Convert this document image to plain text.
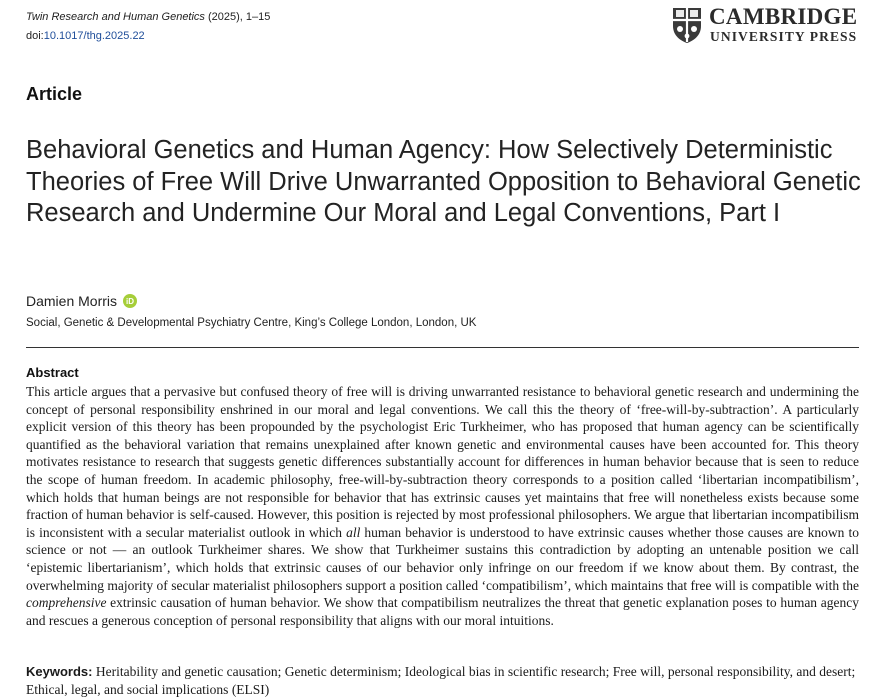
Twin Research and Human Genetics (2025), 1–15
doi:10.1017/thg.2025.22
CAMBRIDGE
UNIVERSITY PRESS
Article
Behavioral Genetics and Human Agency: How Selectively Deterministic Theories of Free Will Drive Unwarranted Opposition to Behavioral Genetic Research and Undermine Our Moral and Legal Conventions, Part I
Damien Morris	iD
Social, Genetic & Developmental Psychiatry Centre, King’s College London, London, UK
Abstract

This article argues that a pervasive but confused theory of free will is driving unwarranted resistance to behavioral genetic research and undermining the concept of personal responsibility enshrined in our moral and legal conventions. We call this the theory of ‘free-will-by-subtraction’. A particularly explicit version of this theory has been propounded by the psychologist Eric Turkheimer, who has proposed that human agency can be scientifically quantified as the behavioral variation that remains unexplained after known genetic and environmental causes have been accounted for. This theory motivates resistance to research that suggests genetic differences substantially account for differences in human behavior because that is seen to reduce the scope of human freedom. In academic philosophy, free-will-by-subtraction theory corresponds to a position called ‘libertarian incompatibilism’, which holds that human beings are not responsible for behavior that has extrinsic causes yet maintains that free will nonetheless exists because some fraction of human behavior is self-caused. However, this position is rejected by most professional philosophers. We argue that libertarian incompatibilism is inconsistent with a secular materialist outlook in which all human behavior is understood to have extrinsic causes whether those causes are known to science or not — an outlook Turkheimer shares. We show that Turkheimer sustains this contradiction by adopting an untenable position we call ‘epistemic libertarianism’, which holds that extrinsic causes of our behavior only infringe on our freedom if we know about them. By contrast, the overwhelming majority of secular materialist philosophers support a position called ‘compatibilism’, which maintains that free will is compatible with the comprehensive extrinsic causation of human behavior. We show that compatibilism neutralizes the threat that genetic explanation poses to human agency and rescues a generous conception of personal responsibility that aligns with our moral intuitions.

Keywords: Heritability and genetic causation; Genetic determinism; Ideological bias in scientific research; Free will, personal responsibility, and desert; Ethical, legal, and social implications (ELSI)
